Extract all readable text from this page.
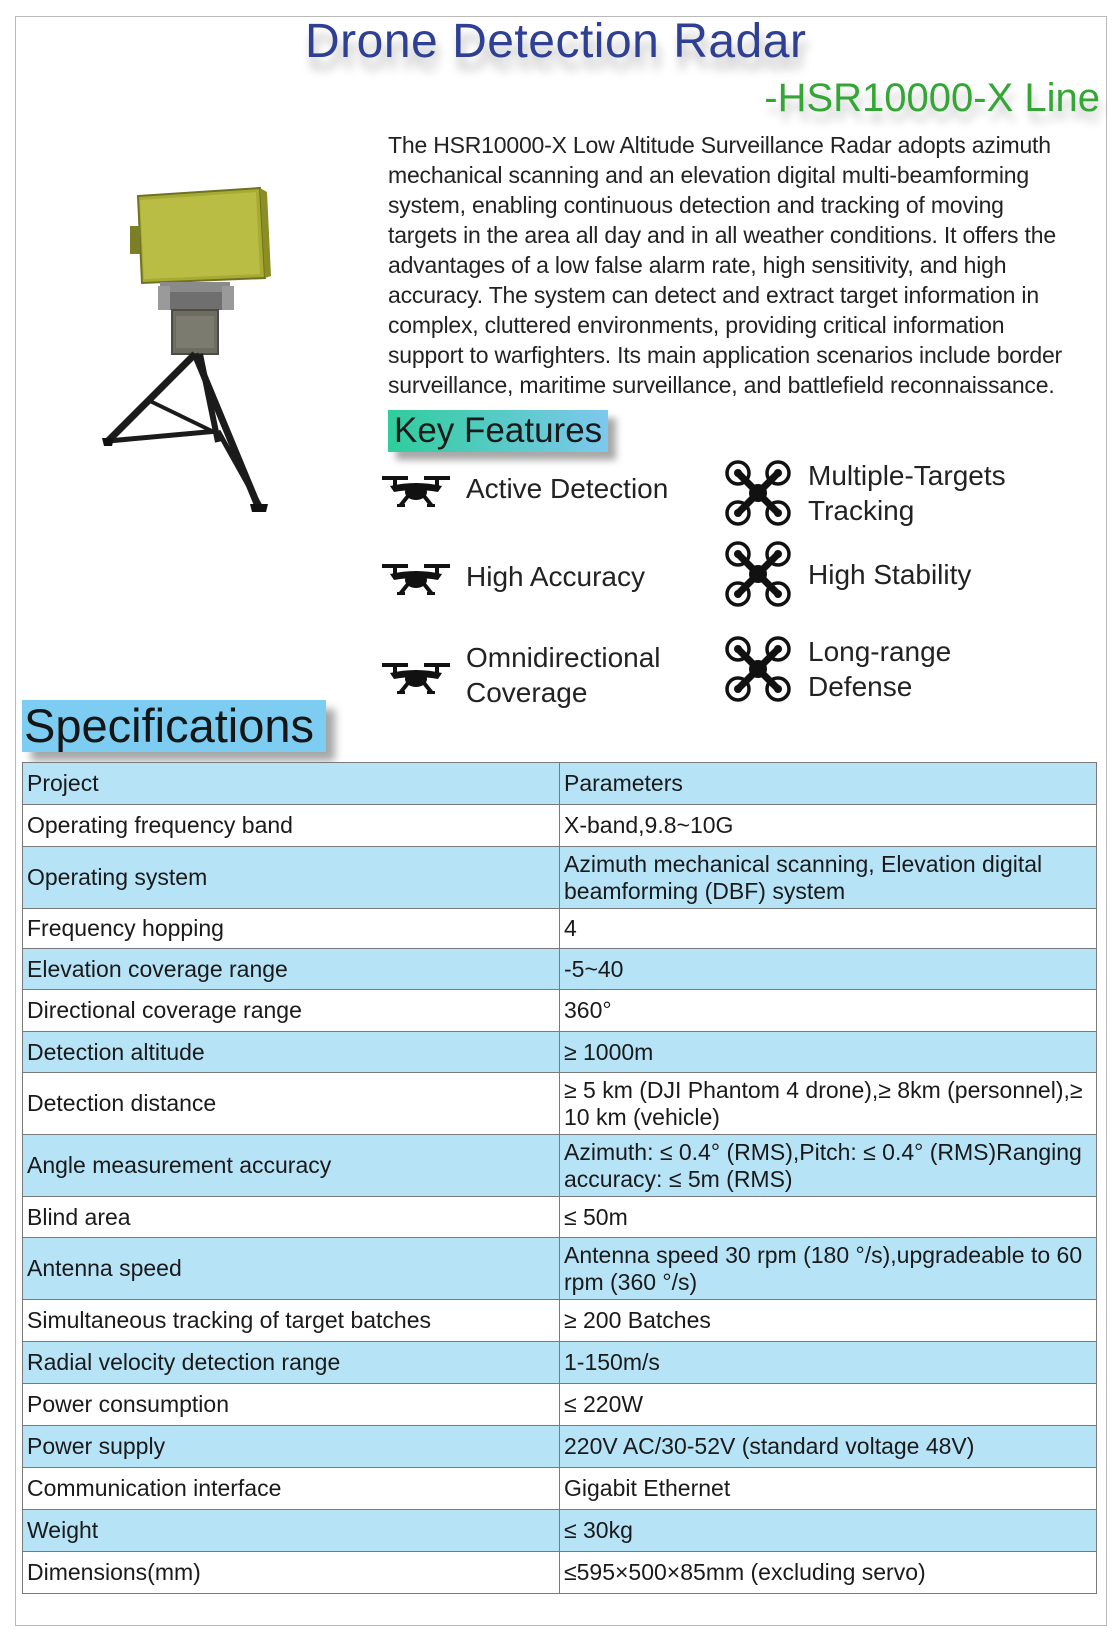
Drone Detection Radar
-HSR10000-X Line
The HSR10000-X Low Altitude Surveillance Radar adopts azimuth mechanical scanning and an elevation digital multi-beamforming system, enabling continuous detection and tracking of moving targets in the area all day and in all weather conditions. It offers the advantages of a low false alarm rate, high sensitivity, and high accuracy. The system can detect and extract target information in complex, cluttered environments, providing critical information support to warfighters. Its main application scenarios include border surveillance, maritime surveillance, and battlefield reconnaissance.
Key Features
Active Detection	Multiple-Targets Tracking
High Accuracy	High Stability
Omnidirectional Coverage
Long-range Defense
Specifications
Project	Parameters
Operating frequency band	X-band,9.8~10G
Operating system	Azimuth mechanical scanning, Elevation digital beamforming (DBF) system
Frequency hopping	4
Elevation coverage range	-5~40
Directional coverage range	360°
Detection altitude	≥ 1000m
Detection distance	≥ 5 km (DJI Phantom 4 drone),≥ 8km (personnel),≥ 10 km (vehicle)
Angle measurement accuracy	Azimuth: ≤ 0.4° (RMS),Pitch: ≤ 0.4° (RMS)Ranging accuracy: ≤ 5m (RMS)
Blind area	≤ 50m
Antenna speed	Antenna speed 30 rpm (180 °/s),upgradeable to 60 rpm (360 °/s)
Simultaneous tracking of target batches	≥ 200 Batches
Radial velocity detection range	1-150m/s
Power consumption	≤ 220W
Power supply	220V AC/30-52V (standard voltage 48V)
Communication interface	Gigabit Ethernet
Weight	≤ 30kg
Dimensions(mm)	≤595×500×85mm (excluding servo)
